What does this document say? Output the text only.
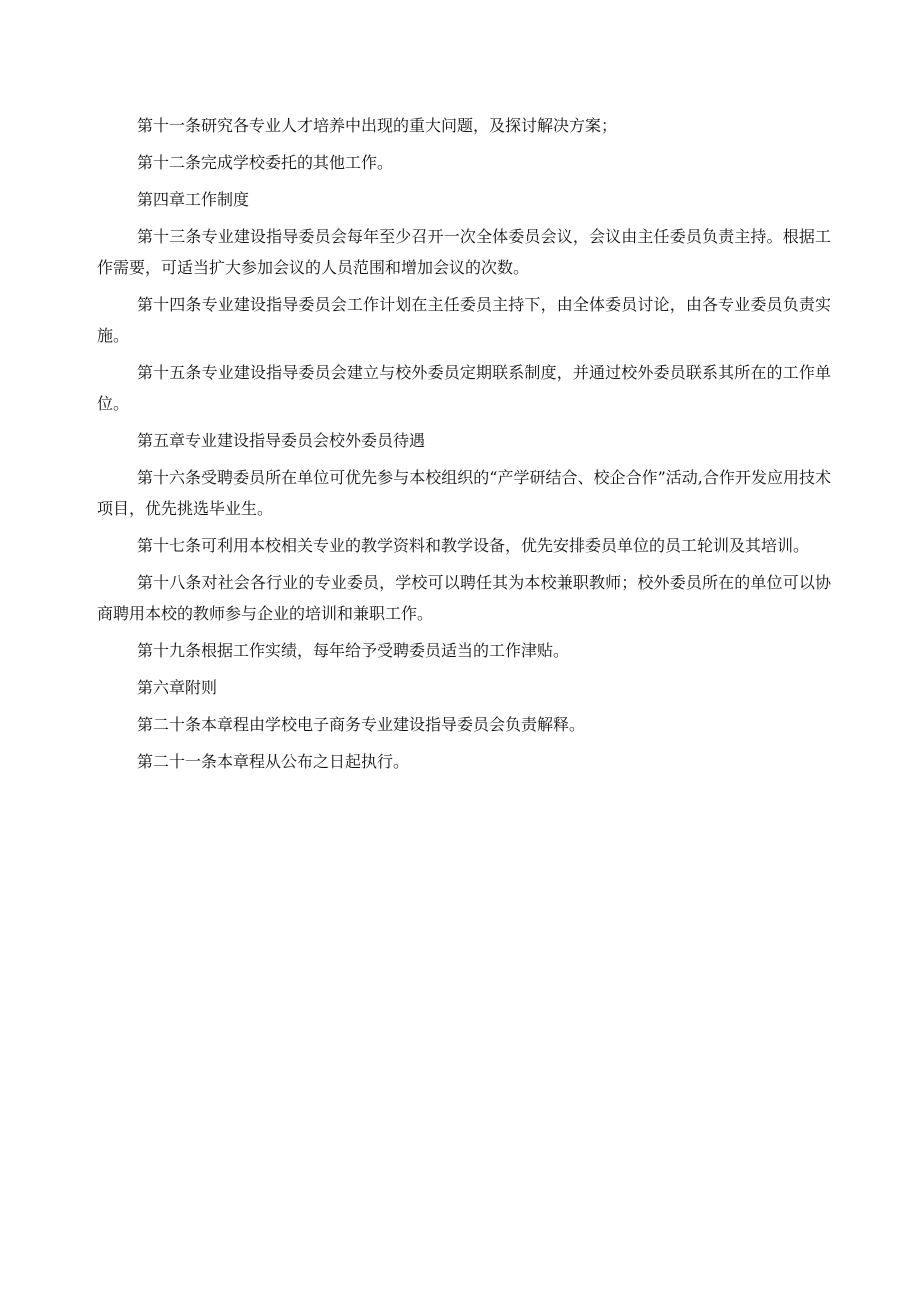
第十一条研究各专业人才培养中出现的重大问题，及探讨解决方案；

第十二条完成学校委托的其他工作。

第四章工作制度

第十三条专业建设指导委员会每年至少召开一次全体委员会议，会议由主任委员负责主持。根据工作需要，可适当扩大参加会议的人员范围和增加会议的次数。

第十四条专业建设指导委员会工作计划在主任委员主持下，由全体委员讨论，由各专业委员负责实施。

第十五条专业建设指导委员会建立与校外委员定期联系制度，并通过校外委员联系其所在的工作单位。

第五章专业建设指导委员会校外委员待遇

第十六条受聘委员所在单位可优先参与本校组织的“产学研结合、校企合作”活动,合作开发应用技术项目，优先挑选毕业生。

第十七条可利用本校相关专业的教学资料和教学设备，优先安排委员单位的员工轮训及其培训。

第十八条对社会各行业的专业委员，学校可以聘任其为本校兼职教师；校外委员所在的单位可以协商聘用本校的教师参与企业的培训和兼职工作。

第十九条根据工作实绩，每年给予受聘委员适当的工作津贴。

第六章附则

第二十条本章程由学校电子商务专业建设指导委员会负责解释。

第二十一条本章程从公布之日起执行。
